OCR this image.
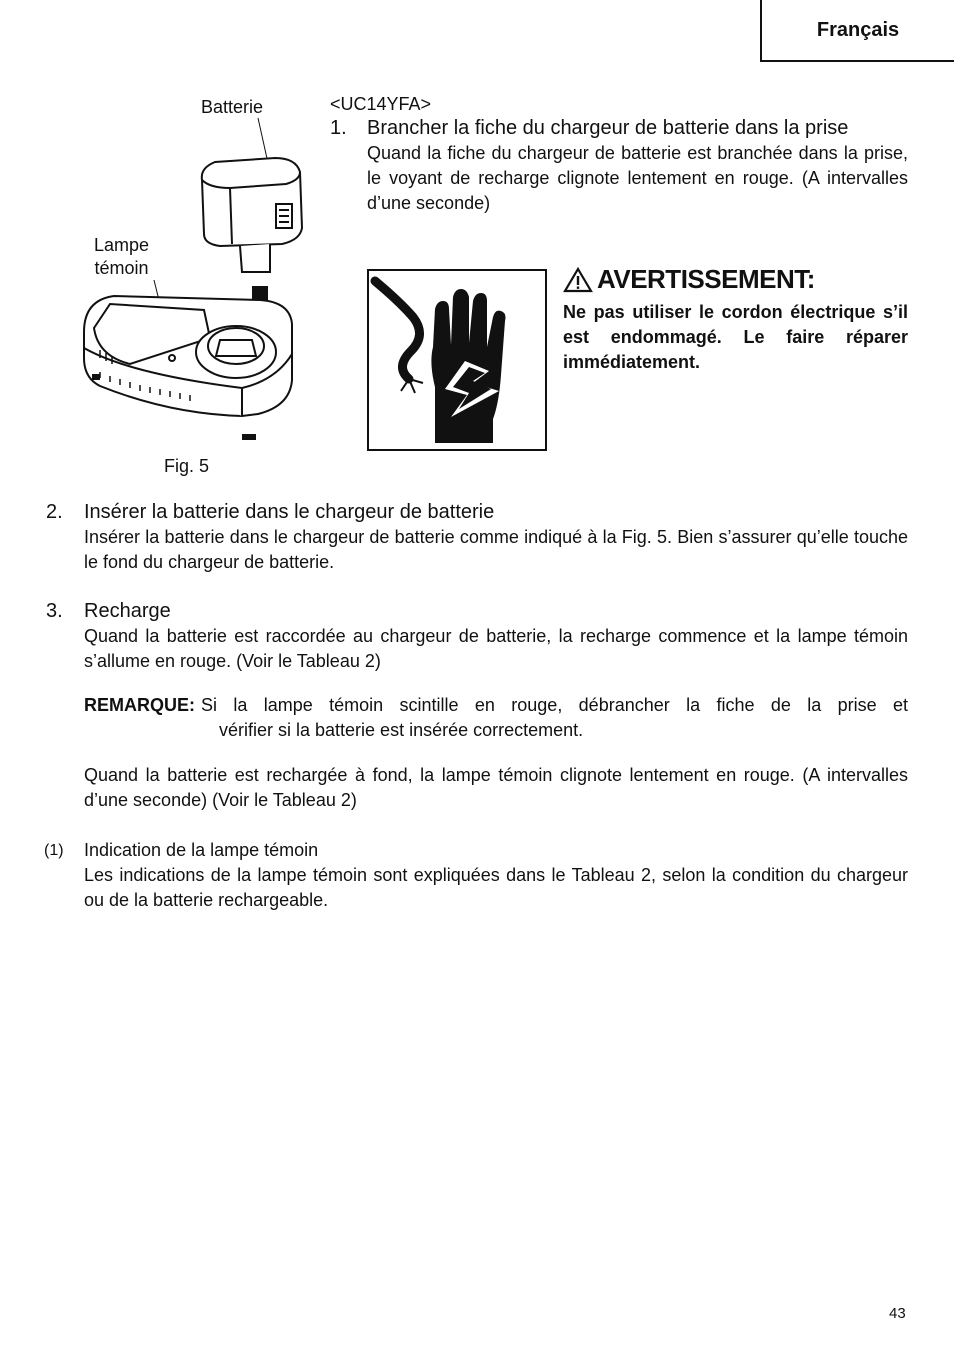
Français
Batterie
Lampe
témoin
Fig. 5
<UC14YFA>
1.	Brancher la fiche du chargeur de batterie dans la prise
Quand la fiche du chargeur de batterie est branchée dans la prise, le voyant de recharge clignote lentement en rouge. (A intervalles d’une seconde)
AVERTISSEMENT:
Ne pas utiliser le cordon électrique s’il est endommagé. Le faire réparer immédiatement.
2.	Insérer la batterie dans le chargeur de batterie
Insérer la batterie dans le chargeur de batterie comme indiqué à la Fig. 5. Bien s’assurer qu’elle touche le fond du chargeur de batterie.
3.	Recharge
Quand la batterie est raccordée au chargeur de batterie, la recharge commence et la lampe témoin s’allume en rouge. (Voir le Tableau 2)
REMARQUE: Si la lampe témoin scintille en rouge, débrancher la fiche de la prise et
vérifier si la batterie est insérée correctement.
Quand la batterie est rechargée à fond, la lampe témoin clignote lentement en rouge. (A intervalles d’une seconde) (Voir le Tableau 2)
(1)	Indication de la lampe témoin
Les indications de la lampe témoin sont expliquées dans le Tableau 2, selon la condition du chargeur ou de la batterie rechargeable.
43
